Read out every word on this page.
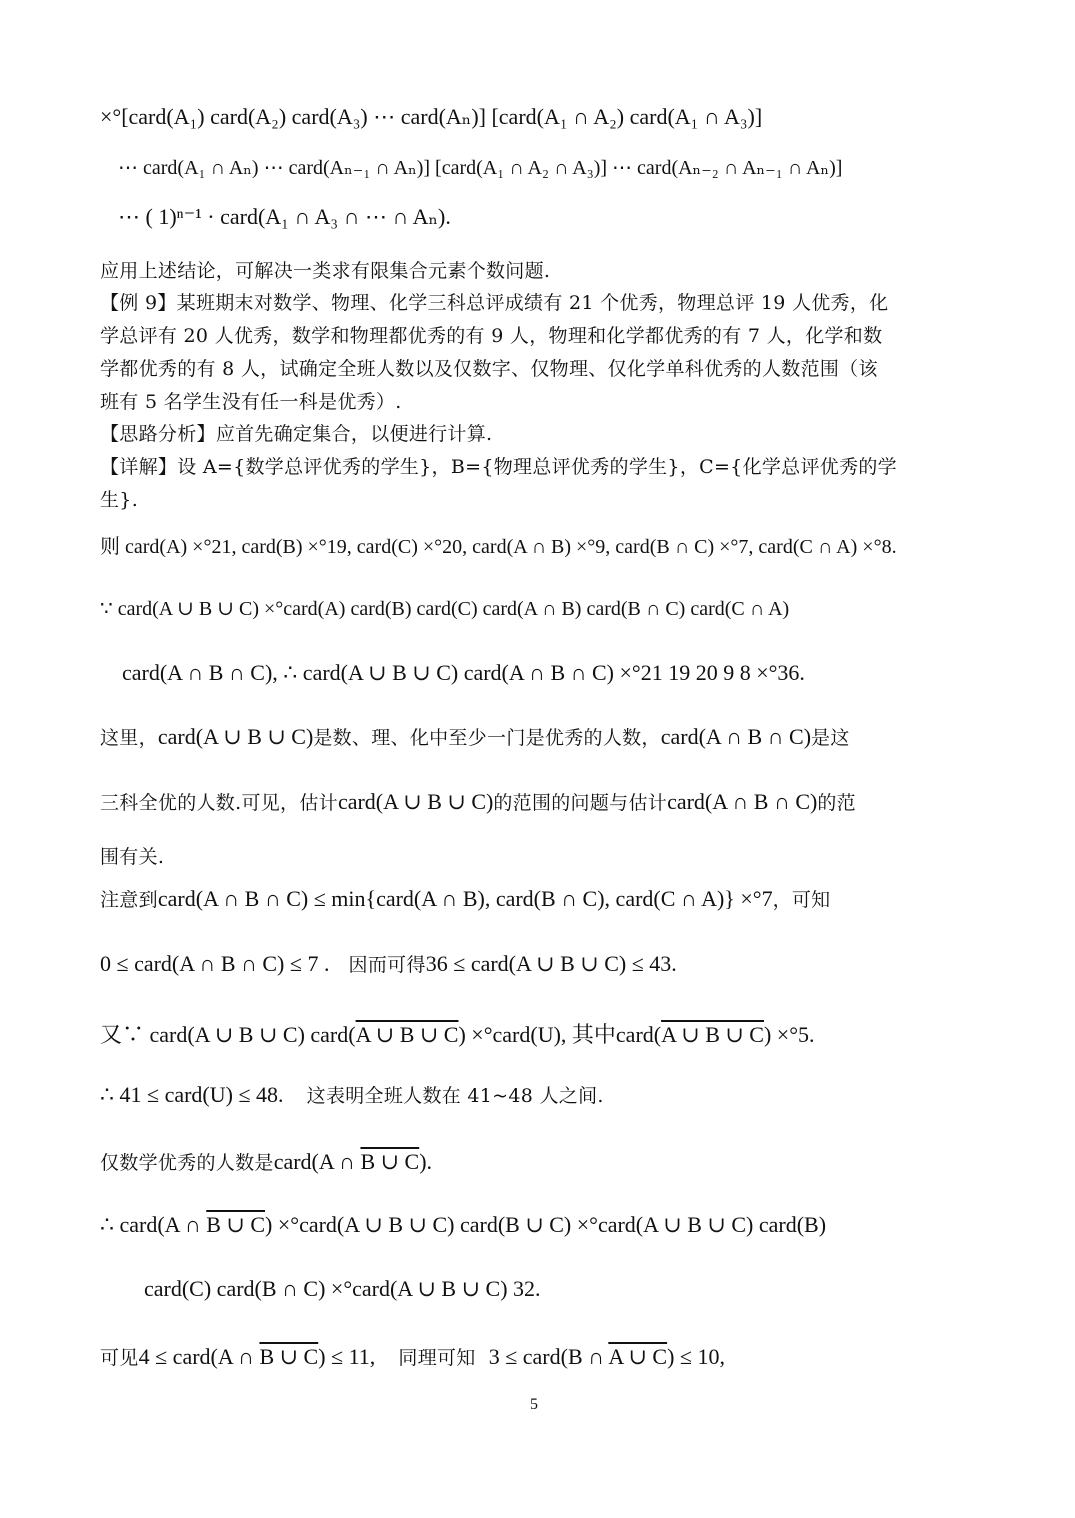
×°[card(A₁) card(A₂) card(A₃) ⋯ card(Aₙ)] [card(A₁ ∩ A₂) card(A₁ ∩ A₃)]
⋯ card(A₁ ∩ Aₙ) ⋯ card(Aₙ₋₁ ∩ Aₙ)] [card(A₁ ∩ A₂ ∩ A₃)] ⋯ card(Aₙ₋₂ ∩ Aₙ₋₁ ∩ Aₙ)]
⋯ ( 1)ⁿ⁻¹ · card(A₁ ∩ A₃ ∩ ⋯ ∩ Aₙ).
应用上述结论，可解决一类求有限集合元素个数问题.
【例 9】某班期末对数学、物理、化学三科总评成绩有 21 个优秀，物理总评 19 人优秀，化
学总评有 20 人优秀，数学和物理都优秀的有 9 人，物理和化学都优秀的有 7 人，化学和数
学都优秀的有 8 人，试确定全班人数以及仅数字、仅物理、仅化学单科优秀的人数范围（该
班有 5 名学生没有任一科是优秀）.
【思路分析】应首先确定集合，以便进行计算.
【详解】设 A={数学总评优秀的学生}，B={物理总评优秀的学生}，C={化学总评优秀的学
生}.
则 card(A) ×°21, card(B) ×°19, card(C) ×°20, card(A ∩ B) ×°9, card(B ∩ C) ×°7, card(C ∩ A) ×°8.
∵ card(A ∪ B ∪ C) ×°card(A) card(B) card(C) card(A ∩ B) card(B ∩ C) card(C ∩ A)
card(A ∩ B ∩ C), ∴ card(A ∪ B ∪ C) card(A ∩ B ∩ C) ×°21 19 20 9 8 ×°36.
这里，card(A ∪ B ∪ C)是数、理、化中至少一门是优秀的人数，card(A ∩ B ∩ C)是这
三科全优的人数.可见，估计card(A ∪ B ∪ C)的范围的问题与估计card(A ∩ B ∩ C)的范
围有关.
注意到card(A ∩ B ∩ C) ≤ min{card(A ∩ B), card(B ∩ C), card(C ∩ A)} ×°7，可知
0 ≤ card(A ∩ B ∩ C) ≤ 7 . 因而可得36 ≤ card(A ∪ B ∪ C) ≤ 43.
又∵ card(A ∪ B ∪ C) card(A ∪ B ∪ C) ×°card(U), 其中card(A ∪ B ∪ C) ×°5.
∴ 41 ≤ card(U) ≤ 48. 这表明全班人数在 41~48 人之间.
仅数学优秀的人数是card(A ∩ B ∪ C).
∴ card(A ∩ B ∪ C) ×°card(A ∪ B ∪ C) card(B ∪ C) ×°card(A ∪ B ∪ C) card(B)
card(C) card(B ∩ C) ×°card(A ∪ B ∪ C) 32.
可见4 ≤ card(A ∩ B ∪ C) ≤ 11, 同理可知 3 ≤ card(B ∩ A ∪ C) ≤ 10,
5
